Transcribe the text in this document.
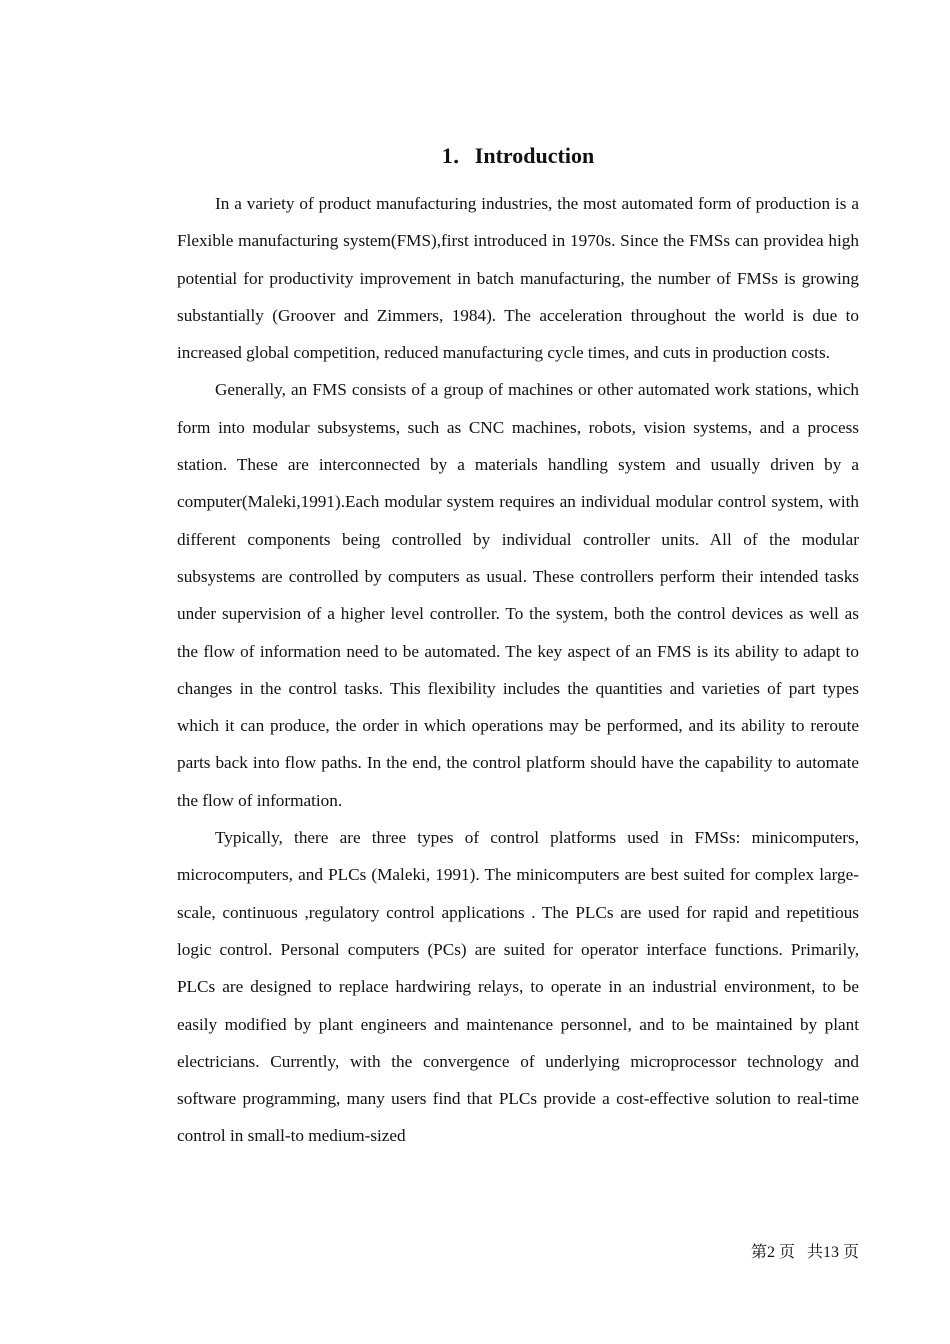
1．Introduction

In a variety of product manufacturing industries, the most automated form of production is a Flexible manufacturing system(FMS),first introduced in 1970s. Since the FMSs can providea high potential for productivity improvement in batch manufacturing, the number of FMSs is growing substantially (Groover and Zimmers, 1984). The acceleration throughout the world is due to increased global competition, reduced manufacturing cycle times, and cuts in production costs.

Generally, an FMS consists of a group of machines or other automated work stations, which form into modular subsystems, such as CNC machines, robots, vision systems, and a process station. These are interconnected by a materials handling system and usually driven by a computer(Maleki,1991).Each modular system requires an individual modular control system, with different components being controlled by individual controller units. All of the modular subsystems are controlled by computers as usual. These controllers perform their intended tasks under supervision of a higher level controller. To the system, both the control devices as well as the flow of information need to be automated. The key aspect of an FMS is its ability to adapt to changes in the control tasks. This flexibility includes the quantities and varieties of part types which it can produce, the order in which operations may be performed, and its ability to reroute parts back into flow paths. In the end, the control platform should have the capability to automate the flow of information.

Typically, there are three types of control platforms used in FMSs: minicomputers, microcomputers, and PLCs (Maleki, 1991). The minicomputers are best suited for complex large-scale, continuous ,regulatory control applications . The PLCs are used for rapid and repetitious logic control. Personal computers (PCs) are suited for operator interface functions. Primarily, PLCs are designed to replace hardwiring relays, to operate in an industrial environment, to be easily modified by plant engineers and maintenance personnel, and to be maintained by plant electricians. Currently, with the convergence of underlying microprocessor technology and software programming, many users find that PLCs provide a cost-effective solution to real-time control in small-to medium-sized

第2 页   共13 页
